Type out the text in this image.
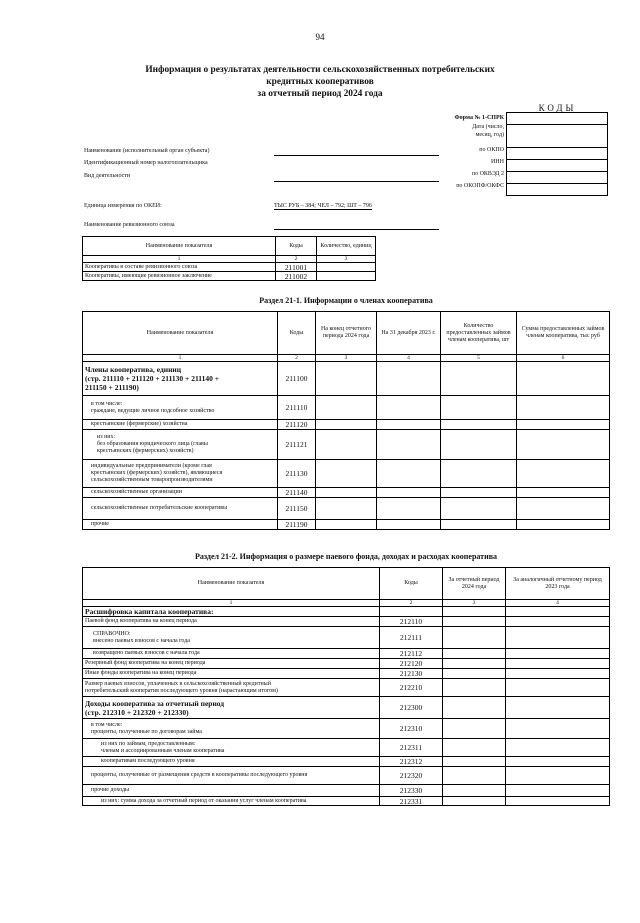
94
Информация о результатах деятельности сельскохозяйственных потребительских
кредитных кооперативов
за отчетный период 2024 года
КОДЫ
Форма № 1-СПРК
Дата (число,
месяц, год)
по ОКПО
ИНН
по ОКВЭД 2
по ОКОПФ/ОКФС
Наименование (исполнительный орган субъекта)
Идентификационный номер налогоплательщика
Вид деятельности
Единица измерения по ОКЕИ:	ТЫС РУБ – 384; ЧЕЛ – 792; ШТ – 796
Наименование ревизионного союза
Наименование показателя	Коды	Количество, единиц
1	2	3
Кооперативы в составе ревизионного союза	211001	
Кооперативы, имеющие ревизионное заключение	211002	
Раздел 21-1. Информации о членах кооператива
Наименование показателя	Коды	На конец отчетного периода 2024 года	На 31 декабря 2023 г.	Количество предоставленных займов членам кооператива, шт	Сумма предоставленных займов членам кооператива, тыс руб
1	2	3	4	5	6

Члены кооператива, единиц
(стр. 211110 + 211120 + 211130 + 211140 +
211150 + 211190)	211100				

в том числе:
граждане, ведущие личное подсобное хозяйство	211110				
крестьянские (фермерские) хозяйства	211120				

из них:
без образования юридического лица (главы
крестьянских (фермерских) хозяйств)	211121				

индивидуальные предприниматели (кроме глав
крестьянских (фермерских) хозяйств), являющиеся
сельскохозяйственным товаропроизводителями	211130				
сельскохозяйственные организации	211140				
сельскохозяйственные потребительские кооперативы	211150				
прочие	211190				
Раздел 21-2. Информация о размере паевого фонда, доходах и расходах кооператива
Наименование показателя	Коды	За отчетный период 2024 года	За аналогичный отчетному период 2023 года
1	2	3	4
Расшифровка капитала кооператива:			
Паевой фонд кооператива на конец периода	212110		

СПРАВОЧНО:
внесено паевых взносов с начала года	212111		
возвращено паевых взносов с начала года	212112		
Резервный фонд кооператива на конец периода	212120		
Иные фонды кооператива на конец периода	212130		

Размер паевых взносов, уплаченных в сельскохозяйственный кредитный
потребительский кооператив последующего уровня (нарастающим итогом)	212210		

Доходы кооператива за отчетный период
(стр. 212310 + 212320 + 212330)	212300		

в том числе:
проценты, полученные по договорам займа	212310		

из них по займам, предоставленным:
членам и ассоциированным членам кооператива	212311		
кооперативам последующего уровня	212312		
проценты, полученные от размещения средств в кооперативы последующего уровня	212320		
прочие доходы	212330		
из них: сумма дохода за отчетный период от оказания услуг членам кооператива	212331		
